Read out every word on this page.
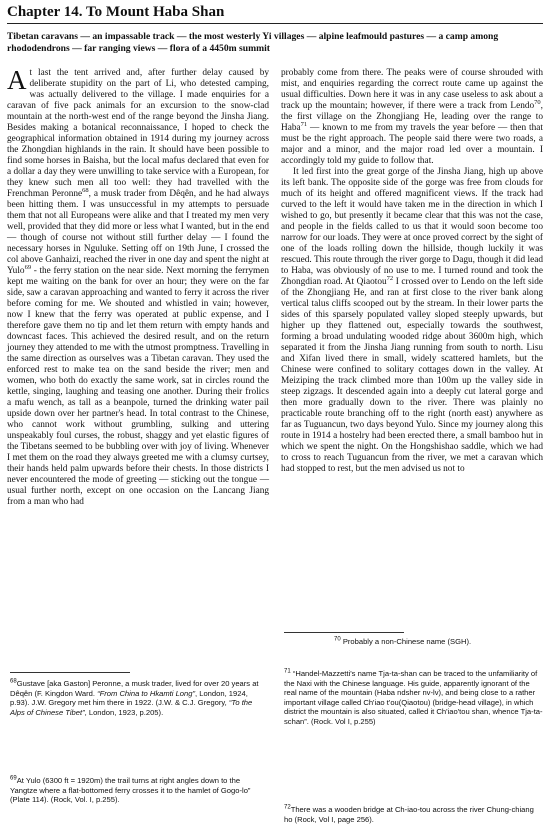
Chapter 14. To Mount Haba Shan
Tibetan caravans — an impassable track — the most westerly Yi villages — alpine leafmould pastures — a camp among rhododendrons — far ranging views — flora of a 4450m summit

At last the tent arrived and, after further delay caused by deliberate stupidity on the part of Li, who detested camping, was actually delivered to the village. I made enquiries for a caravan of five pack animals for an excursion to the snow-clad mountain at the north-west end of the range beyond the Jinsha Jiang. Besides making a botanical reconnaissance, I hoped to check the geographical information obtained in 1914 during my journey across the Zhongdian highlands in the rain. It should have been possible to find some horses in Baisha, but the local mafus declared that even for a dollar a day they were unwilling to take service with a European, for they knew such men all too well: they had travelled with the Frenchman Peronne$^{68}$, a musk trader from Dêqên, and he had always been hitting them. I was unsuccessful in my attempts to persuade them that not all Europeans were alike and that I treated my men very well, provided that they did more or less what I wanted, but in the end — though of course not without still further delay — I found the necessary horses in Nguluke. Setting off on 19th June, I crossed the col above Ganhaizi, reached the river in one day and spent the night at Yulo$^{69}$ - the ferry station on the near side. Next morning the ferrymen kept me waiting on the bank for over an hour; they were on the far side, saw a caravan approaching and wanted to ferry it across the river before coming for me. We shouted and whistled in vain; however, now I knew that the ferry was operated at public expense, and I therefore gave them no tip and let them return with empty hands and downcast faces. This achieved the desired result, and on the return journey they attended to me with the utmost promptness. Travelling in the same direction as ourselves was a Tibetan caravan. They used the enforced rest to make tea on the sand beside the river; men and women, who both do exactly the same work, sat in circles round the kettle, singing, laughing and teasing one another. During their frolics a mafu wench, as tall as a beanpole, turned the drinking water pail upside down over her partner's head. In total contrast to the Chinese, who cannot work without grumbling, sulking and uttering unspeakably foul curses, the robust, shaggy and yet elastic figures of the Tibetans seemed to be bubbling over with joy of living. Whenever I met them on the road they always greeted me with a clumsy curtsey, their hands held palm upwards before their chests. In those districts I never encountered the mode of greeting — sticking out the tongue — usual further north, except on one occasion on the Lancang Jiang from a man who had

probably come from there. The peaks were of course shrouded with mist, and enquiries regarding the correct route came up against the usual difficulties. Down here it was in any case useless to ask about a track up the mountain; however, if there were a track from Lendo$^{70}$, the first village on the Zhongjiang He, leading over the range to Haba$^{71}$ — known to me from my travels the year before — then that must be the right approach. The people said there were two roads, a major and a minor, and the major road led over a mountain. I accordingly told my guide to follow that.

It led first into the great gorge of the Jinsha Jiang, high up above its left bank. The opposite side of the gorge was free from clouds for much of its height and offered magnificent views. If the track had curved to the left it would have taken me in the direction in which I wished to go, but presently it became clear that this was not the case, and people in the fields called to us that it would soon become too narrow for our loads. They were at once proved correct by the sight of one of the loads rolling down the hillside, though luckily it was rescued. This route through the river gorge to Dagu, though it did lead to Haba, was obviously of no use to me. I turned round and took the Zhongdian road. At Qiaotou$^{72}$ I crossed over to Lendo on the left side of the Zhongjiang He, and ran at first close to the river bank along vertical talus cliffs scooped out by the stream. In their lower parts the sides of this sparsely populated valley sloped steeply upwards, but higher up they flattened out, especially towards the southwest, forming a broad undulating wooded ridge about 3600m high, which separated it from the Jinsha Jiang running from south to north. Lisu and Xifan lived there in small, widely scattered hamlets, but the Chinese were confined to solitary cottages down in the valley. At Meiziping the track climbed more than 100m up the valley side in steep zigzags. It descended again into a deeply cut lateral gorge and then more gradually down to the river. There was plainly no practicable route branching off to the right (north east) anywhere as far as Tuguancun, two days beyond Yulo. Since my journey along this route in 1914 a hostelry had been erected there, a small bamboo hut in which we spent the night. On the Hongshishao saddle, which we had to cross to reach Tuguancun from the river, we met a caravan which had stopped to rest, but the men advised us not to

$^{68}$Gustave [aka Gaston] Peronne, a musk trader, lived for over 20 years at Dêqên (F. Kingdon Ward. “From China to Hkamti Long”, London, 1924, p.93). J.W. Gregory met him there in 1922. (J.W. & C.J. Gregory, “To the Alps of Chinese Tibet”, London, 1923, p.205).
$^{69}$At Yulo (6300 ft = 1920m) the trail turns at right angles down to the Yangtze where a flat-bottomed ferry crosses it to the hamlet of Gogo-lo” (Plate 114). (Rock, Vol. I, p.255).
$^{70}$ Probably a non-Chinese name (SGH).
$^{71}$ “Handel-Mazzetti's name Tja-ta-shan can be traced to the unfamiliarity of the Naxi with the Chinese language. His guide, apparently ignorant of the real name of the mountain (Haba ndsher nv-lv), and being close to a rather important village called Ch'iao t'ou(Qiaotou) (bridge-head village), in which district the mountain is also situated, called it Ch'iao'tou shan, whence Tja-ta-schan”. (Rock. Vol I, p.255)
$^{72}$There was a wooden bridge at Ch-iao-tou across the river Chung-chiang ho (Rock, Vol I, page 256).
